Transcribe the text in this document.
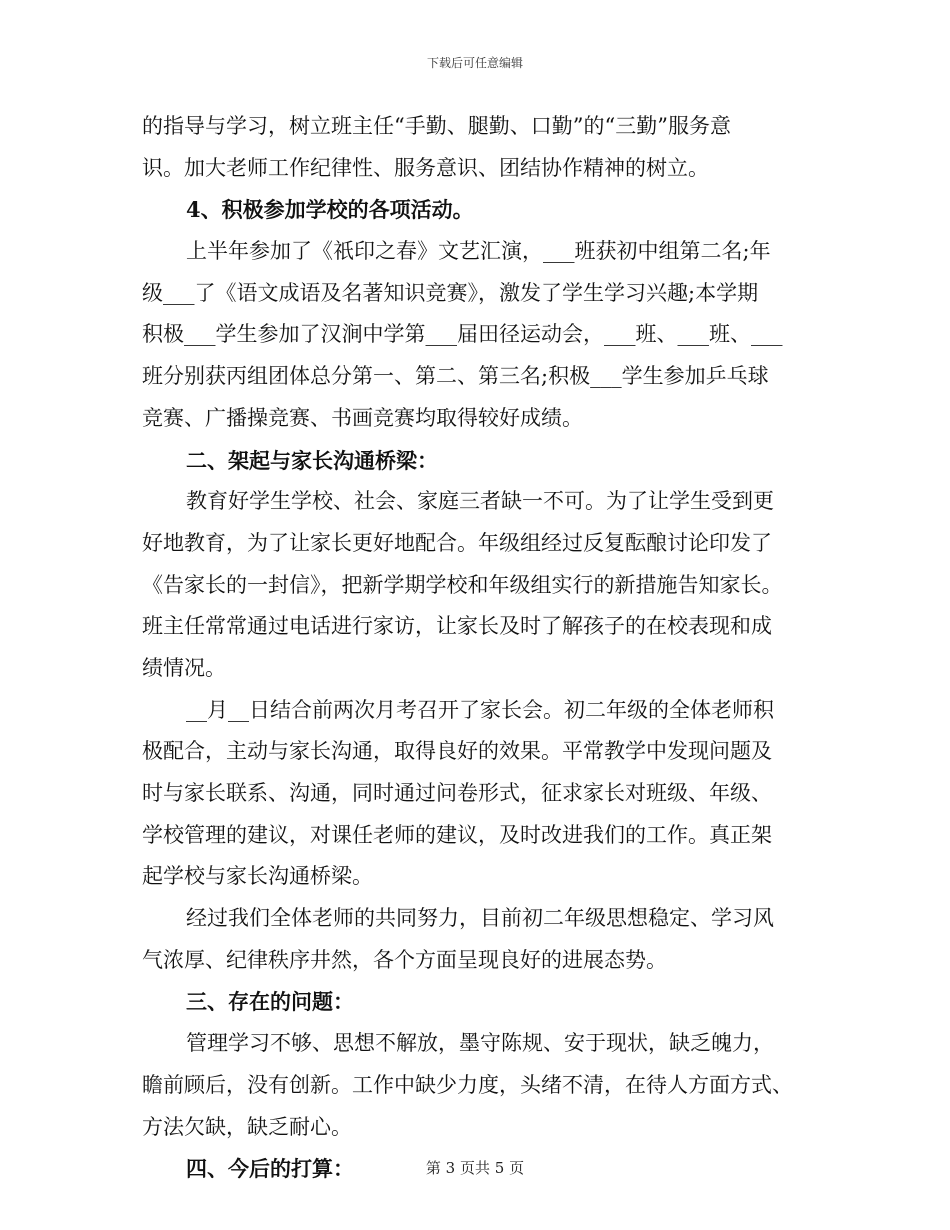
下载后可任意编辑
的指导与学习，树立班主任“手勤、腿勤、口勤”的“三勤”服务意
识。加大老师工作纪律性、服务意识、团结协作精神的树立。
4、积极参加学校的各项活动。
上半年参加了《祇印之春》文艺汇演，___班获初中组第二名;年
级___了《语文成语及名著知识竞赛》，激发了学生学习兴趣;本学期
积极___学生参加了汉涧中学第___届田径运动会，___班、___班、___
班分别获丙组团体总分第一、第二、第三名;积极___学生参加乒乓球
竞赛、广播操竞赛、书画竞赛均取得较好成绩。
二、架起与家长沟通桥梁：
教育好学生学校、社会、家庭三者缺一不可。为了让学生受到更
好地教育，为了让家长更好地配合。年级组经过反复酝酿讨论印发了
《告家长的一封信》，把新学期学校和年级组实行的新措施告知家长。
班主任常常通过电话进行家访，让家长及时了解孩子的在校表现和成
绩情况。
__月__日结合前两次月考召开了家长会。初二年级的全体老师积
极配合，主动与家长沟通，取得良好的效果。平常教学中发现问题及
时与家长联系、沟通，同时通过问卷形式，征求家长对班级、年级、
学校管理的建议，对课任老师的建议，及时改进我们的工作。真正架
起学校与家长沟通桥梁。
经过我们全体老师的共同努力，目前初二年级思想稳定、学习风
气浓厚、纪律秩序井然，各个方面呈现良好的进展态势。
三、存在的问题：
管理学习不够、思想不解放，墨守陈规、安于现状，缺乏魄力，
瞻前顾后，没有创新。工作中缺少力度，头绪不清，在待人方面方式、
方法欠缺，缺乏耐心。
四、今后的打算：	第 3 页共 5 页
